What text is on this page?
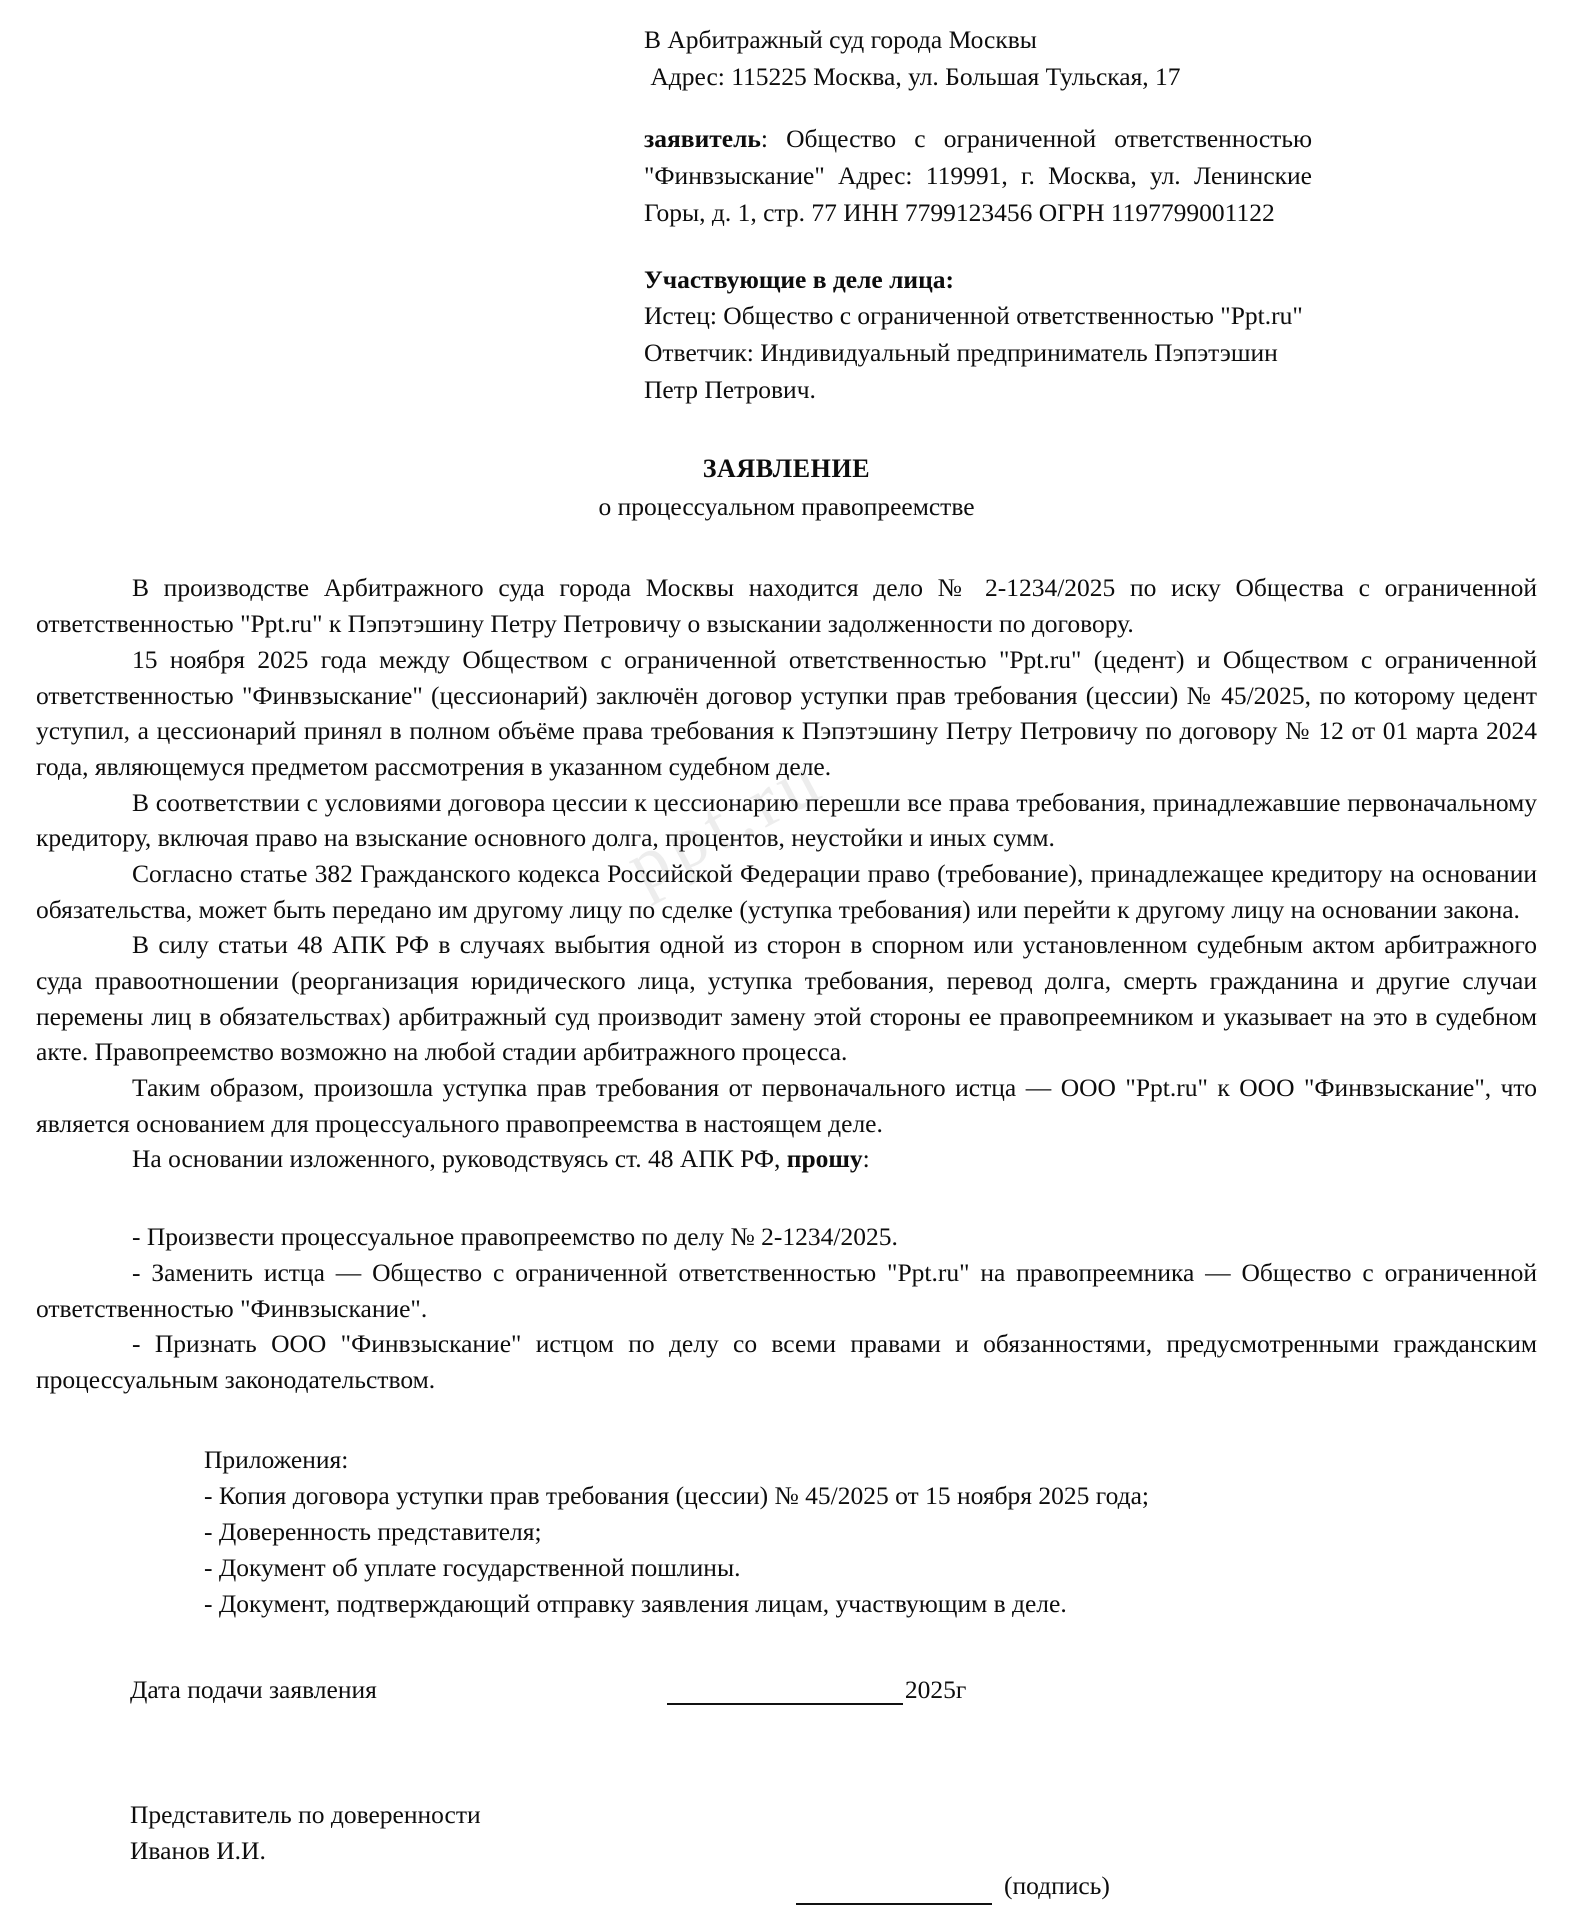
ppt.ru
В Арбитражный суд города Москвы
Адрес: 115225 Москва, ул. Большая Тульская, 17
заявитель: Общество с ограниченной ответственностью "Финвзыскание" Адрес: 119991, г. Москва, ул. Ленинские Горы, д. 1, стр. 77 ИНН 7799123456 ОГРН 1197799001122
Участвующие в деле лица:
Истец: Общество с ограниченной ответственностью "Ppt.ru"
Ответчик: Индивидуальный предприниматель Пэпэтэшин Петр Петрович.
ЗАЯВЛЕНИЕ
о процессуальном правопреемстве

В производстве Арбитражного суда города Москвы находится дело № 2-1234/2025 по иску Общества с ограниченной ответственностью "Ppt.ru" к Пэпэтэшину Петру Петровичу о взыскании задолженности по договору.

15 ноября 2025 года между Обществом с ограниченной ответственностью "Ppt.ru" (цедент) и Обществом с ограниченной ответственностью "Финвзыскание" (цессионарий) заключён договор уступки прав требования (цессии) № 45/2025, по которому цедент уступил, а цессионарий принял в полном объёме права требования к Пэпэтэшину Петру Петровичу по договору № 12 от 01 марта 2024 года, являющемуся предметом рассмотрения в указанном судебном деле.

В соответствии с условиями договора цессии к цессионарию перешли все права требования, принадлежавшие первоначальному кредитору, включая право на взыскание основного долга, процентов, неустойки и иных сумм.

Согласно статье 382 Гражданского кодекса Российской Федерации право (требование), принадлежащее кредитору на основании обязательства, может быть передано им другому лицу по сделке (уступка требования) или перейти к другому лицу на основании закона.

В силу статьи 48 АПК РФ в случаях выбытия одной из сторон в спорном или установленном судебным актом арбитражного суда правоотношении (реорганизация юридического лица, уступка требования, перевод долга, смерть гражданина и другие случаи перемены лиц в обязательствах) арбитражный суд производит замену этой стороны ее правопреемником и указывает на это в судебном акте. Правопреемство возможно на любой стадии арбитражного процесса.

Таким образом, произошла уступка прав требования от первоначального истца — ООО "Ppt.ru" к ООО "Финвзыскание", что является основанием для процессуального правопреемства в настоящем деле.

На основании изложенного, руководствуясь ст. 48 АПК РФ, прошу:

- Произвести процессуальное правопреемство по делу № 2-1234/2025.

- Заменить истца — Общество с ограниченной ответственностью "Ppt.ru" на правопреемника — Общество с ограниченной ответственностью "Финвзыскание".

- Признать ООО "Финвзыскание" истцом по делу со всеми правами и обязанностями, предусмотренными гражданским процессуальным законодательством.

Приложения:

- Копия договора уступки прав требования (цессии) № 45/2025 от 15 ноября 2025 года;

- Доверенность представителя;

- Документ об уплате государственной пошлины.

- Документ, подтверждающий отправку заявления лицам, участвующим в деле.

Дата подачи заявления	2025г
Представитель по доверенности
Иванов И.И.
(подпись)
